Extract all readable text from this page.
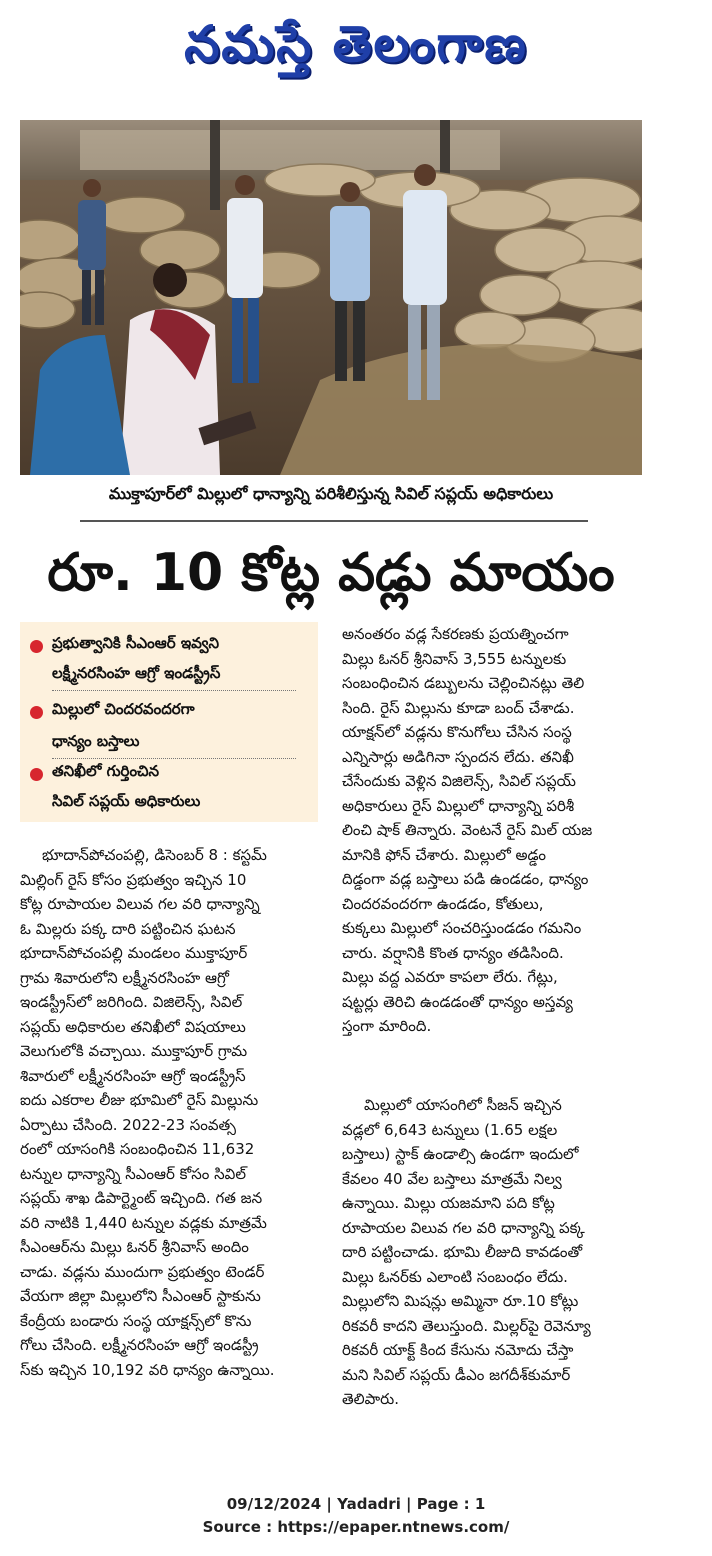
నమస్తే తెలంగాణ
ముక్తాపూర్‌లో మిల్లులో ధాన్యాన్ని పరిశీలిస్తున్న సివిల్ సప్లయ్ అధికారులు
రూ. 10 కోట్ల వడ్లు మాయం
ప్రభుత్వానికి సీఎంఆర్ ఇవ్వని
లక్ష్మీనరసింహ ఆగ్రో ఇండస్ట్రీస్
మిల్లులో చిందరవందరగా
ధాన్యం బస్తాలు
తనిఖీలో గుర్తించిన
సివిల్ సప్లయ్ అధికారులు
భూదాన్‌పోచంపల్లి, డిసెంబర్ 8 : కస్టమ్
మిల్లింగ్ రైస్ కోసం ప్రభుత్వం ఇచ్చిన 10
కోట్ల రూపాయల విలువ గల వరి ధాన్యాన్ని
ఓ మిల్లరు పక్క దారి పట్టించిన ఘటన
భూదాన్‌పోచంపల్లి మండలం ముక్తాపూర్
గ్రామ శివారులోని లక్ష్మీనరసింహ ఆగ్రో
ఇండస్ట్రీస్‌లో జరిగింది. విజిలెన్స్, సివిల్
సప్లయ్ అధికారుల తనిఖీలో విషయాలు
వెలుగులోకి వచ్చాయి. ముక్తాపూర్ గ్రామ
శివారులో లక్ష్మీనరసింహ ఆగ్రో ఇండస్ట్రీస్
ఐదు ఎకరాల లీజు భూమిలో రైస్ మిల్లును
ఏర్పాటు చేసింది. 2022-23 సంవత్స
రంలో యాసంగికి సంబంధించిన 11,632
టన్నుల ధాన్యాన్ని సీఎంఆర్ కోసం సివిల్
సప్లయ్ శాఖ డిపార్ట్మెంట్ ఇచ్చింది. గత జన
వరి నాటికి 1,440 టన్నుల వడ్లకు మాత్రమే
సీఎంఆర్‌ను మిల్లు ఓనర్ శ్రీనివాస్ అందిం
చాడు. వడ్లను ముందుగా ప్రభుత్వం టెండర్
వేయగా జిల్లా మిల్లులోని సీఎంఆర్ స్టాకును
కేంద్రీయ బండారు సంస్థ యాక్షన్స్‌లో కొను
గోలు చేసింది. లక్ష్మీనరసింహ ఆగ్రో ఇండస్ట్రీ
స్‌కు ఇచ్చిన 10,192 వరి ధాన్యం ఉన్నాయి.
అనంతరం వడ్ల సేకరణకు ప్రయత్నించగా
మిల్లు ఓనర్ శ్రీనివాస్ 3,555 టన్నులకు
సంబంధించిన డబ్బులను చెల్లించినట్లు తెలి
సింది. రైస్ మిల్లును కూడా బంద్ చేశాడు.
యాక్షన్‌లో వడ్లను కొనుగోలు చేసిన సంస్థ
ఎన్నిసార్లు అడిగినా స్పందన లేదు. తనిఖీ
చేసేందుకు వెళ్లిన విజిలెన్స్, సివిల్ సప్లయ్
అధికారులు రైస్ మిల్లులో ధాన్యాన్ని పరిశీ
లించి షాక్ తిన్నారు. వెంటనే రైస్ మిల్ యజ
మానికి ఫోన్ చేశారు. మిల్లులో అడ్డం
దిడ్డంగా వడ్ల బస్తాలు పడి ఉండడం, ధాన్యం
చిందరవందరగా ఉండడం, కోతులు,
కుక్కలు మిల్లులో సంచరిస్తుండడం గమనిం
చారు. వర్షానికి కొంత ధాన్యం తడిసింది.
మిల్లు వద్ద ఎవరూ కాపలా లేరు. గేట్లు,
షట్టర్లు తెరిచి ఉండడంతో ధాన్యం అస్తవ్య
స్తంగా మారింది.
మిల్లులో యాసంగిలో సీజన్ ఇచ్చిన
వడ్లలో 6,643 టన్నులు (1.65 లక్షల
బస్తాలు) స్టాక్ ఉండాల్సి ఉండగా ఇందులో
కేవలం 40 వేల బస్తాలు మాత్రమే నిల్వ
ఉన్నాయి. మిల్లు యజమాని పది కోట్ల
రూపాయల విలువ గల వరి ధాన్యాన్ని పక్క
దారి పట్టించాడు. భూమి లీజుది కావడంతో
మిల్లు ఓనర్‌కు ఎలాంటి సంబంధం లేదు.
మిల్లులోని మిషన్లు అమ్మినా రూ.10 కోట్లు
రికవరీ కాదని తెలుస్తుంది. మిల్లర్‌పై రెవెన్యూ
రికవరీ యాక్ట్ కింద కేసును నమోదు చేస్తా
మని సివిల్ సప్లయ్ డీఎం జగదీశ్‌కుమార్
తెలిపారు.
09/12/2024 | Yadadri | Page : 1
Source : https://epaper.ntnews.com/
